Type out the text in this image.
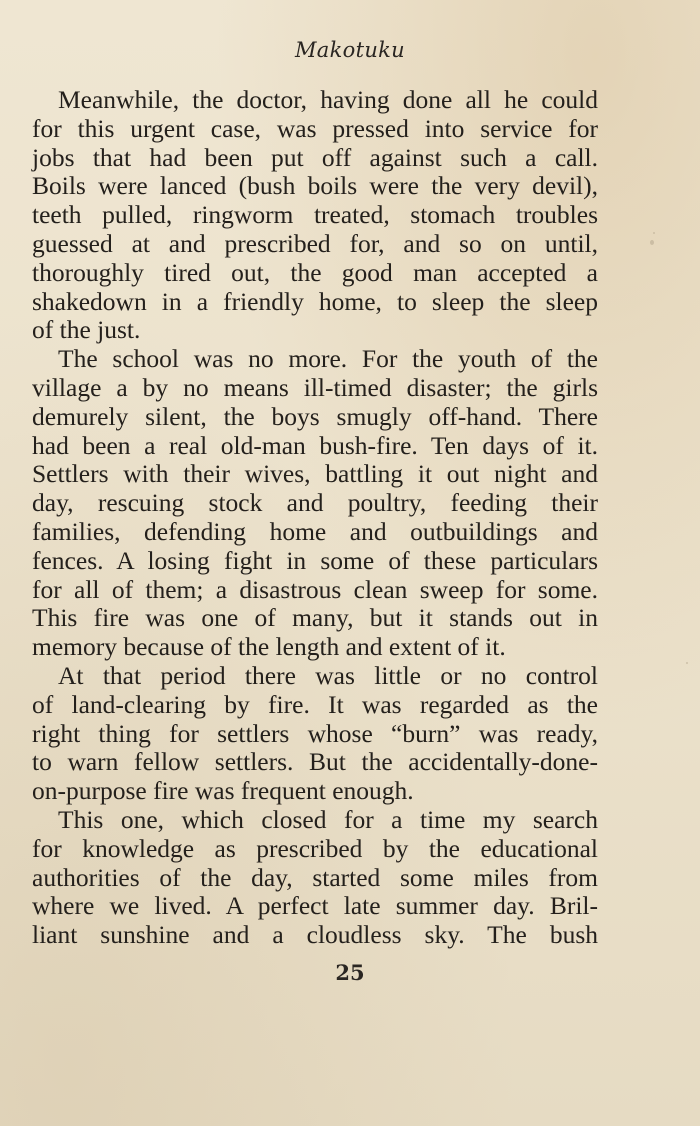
Makotuku
Meanwhile, the doctor, having done all he could
for this urgent case, was pressed into service for
jobs that had been put off against such a call.
Boils were lanced (bush boils were the very devil),
teeth pulled, ringworm treated, stomach troubles
guessed at and prescribed for, and so on until,
thoroughly tired out, the good man accepted a
shakedown in a friendly home, to sleep the sleep
of the just.
The school was no more. For the youth of the
village a by no means ill-timed disaster; the girls
demurely silent, the boys smugly off-hand. There
had been a real old-man bush-fire. Ten days of it.
Settlers with their wives, battling it out night and
day, rescuing stock and poultry, feeding their
families, defending home and outbuildings and
fences. A losing fight in some of these particulars
for all of them; a disastrous clean sweep for some.
This fire was one of many, but it stands out in
memory because of the length and extent of it.
At that period there was little or no control
of land-clearing by fire. It was regarded as the
right thing for settlers whose “burn” was ready,
to warn fellow settlers. But the accidentally-done-
on-purpose fire was frequent enough.
This one, which closed for a time my search
for knowledge as prescribed by the educational
authorities of the day, started some miles from
where we lived. A perfect late summer day. Bril-
liant sunshine and a cloudless sky. The bush
25
